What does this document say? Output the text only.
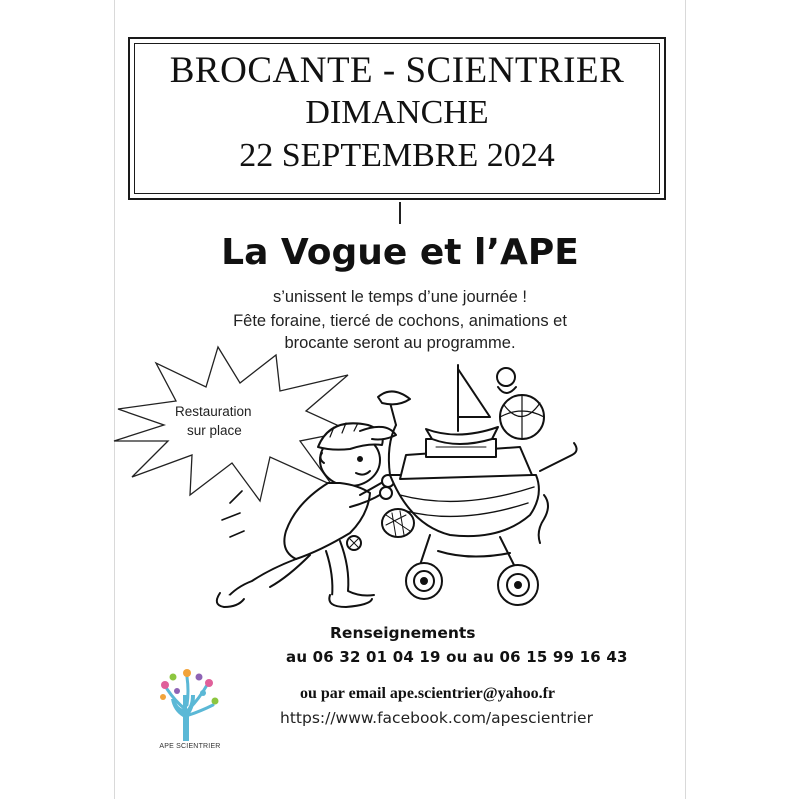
BROCANTE - SCIENTRIER
DIMANCHE
22 SEPTEMBRE 2024
La Vogue et l’APE
s’unissent le temps d’une journée !
Fête foraine, tiercé de cochons, animations et
brocante seront au programme.
Restauration
sur place
Renseignements
au 06 32 01 04 19 ou au 06 15 99 16 43
ou par email ape.scientrier@yahoo.fr
https://www.facebook.com/apescientrier
APE SCIENTRIER
